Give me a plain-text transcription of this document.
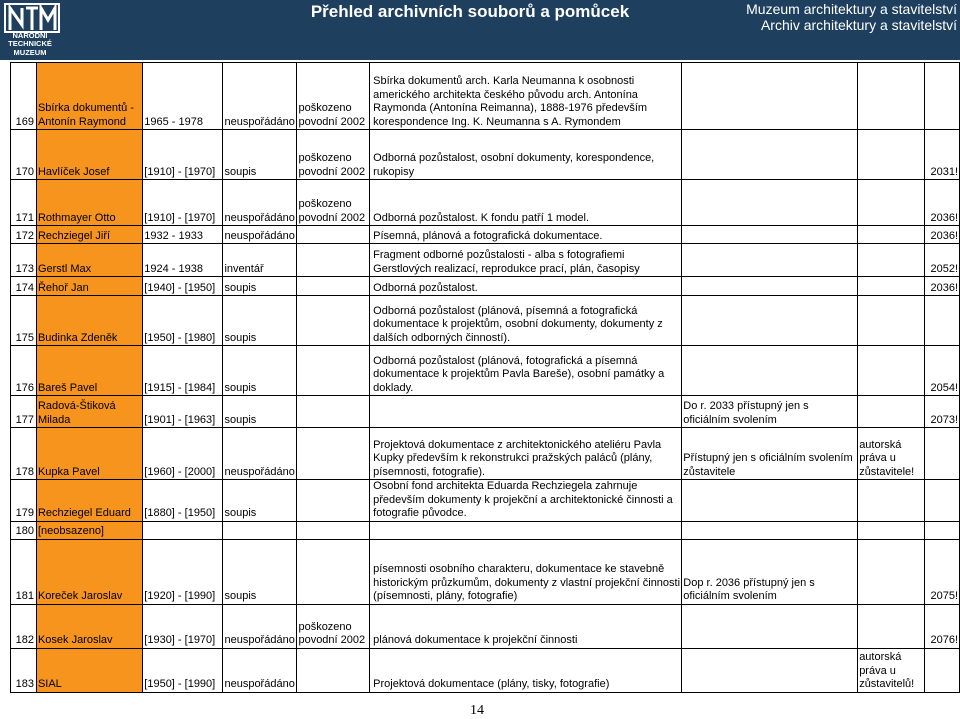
NÁRODNÍ
TECHNICKÉ
MUZEUM
Přehled archivních souborů a pomůcek	Muzeum architektury a stavitelství
Archiv architektury a stavitelství
169	Sbírka dokumentů - Antonín Raymond	1965 - 1978	neuspořádáno	poškozeno povodní 2002	Sbírka dokumentů arch. Karla Neumanna k osobnosti amerického architekta českého původu arch. Antonína Raymonda (Antonína Reimanna), 1888-1976 především korespondence Ing. K. Neumanna s A. Rymondem			
170	Havlíček Josef	[1910] - [1970]	soupis	poškozeno povodní 2002	Odborná pozůstalost, osobní dokumenty, korespondence, rukopisy			2031!
171	Rothmayer Otto	[1910] - [1970]	neuspořádáno	poškozeno povodní 2002	Odborná pozůstalost. K fondu patří 1 model.			2036!
172	Rechziegel Jiří	1932 - 1933	neuspořádáno		Písemná, plánová a fotografická dokumentace.			2036!
173	Gerstl Max	1924 - 1938	inventář		Fragment odborné pozůstalosti - alba s fotografiemi Gerstlových realizací, reprodukce prací, plán, časopisy			2052!
174	Řehoř Jan	[1940] - [1950]	soupis		Odborná pozůstalost.			2036!
175	Budinka Zdeněk	[1950] - [1980]	soupis		Odborná pozůstalost (plánová, písemná a fotografická dokumentace k projektům, osobní dokumenty, dokumenty z dalších odborných činností).			
176	Bareš Pavel	[1915] - [1984]	soupis		Odborná pozůstalost (plánová, fotografická a písemná dokumentace k projektům Pavla Bareše), osobní památky a doklady.			2054!
177	Radová-Štiková Milada	[1901] - [1963]	soupis			Do r. 2033 přístupný jen s oficiálním svolením		2073!
178	Kupka Pavel	[1960] - [2000]	neuspořádáno		Projektová dokumentace z architektonického ateliéru Pavla Kupky především k rekonstrukci pražských paláců (plány, písemnosti, fotografie).	Přístupný jen s oficiálním svolením zůstavitele	autorská práva u zůstavitele!	
179	Rechziegel Eduard	[1880] - [1950]	soupis		Osobní fond architekta Eduarda Rechziegela zahrnuje především dokumenty k projekční a architektonické činnosti a fotografie původce.			
180	[neobsazeno]							
181	Koreček Jaroslav	[1920] - [1990]	soupis		písemnosti osobního charakteru, dokumentace ke stavebně historickým průzkumům, dokumenty z vlastní projekční činnosti (písemnosti, plány, fotografie)	Dop r. 2036 přístupný jen s oficiálním svolením		2075!
182	Kosek Jaroslav	[1930] - [1970]	neuspořádáno	poškozeno povodní 2002	plánová dokumentace k projekční činnosti			2076!
183	SIAL	[1950] - [1990]	neuspořádáno		Projektová dokumentace (plány, tisky, fotografie)		autorská práva u zůstavitelů!	
14
